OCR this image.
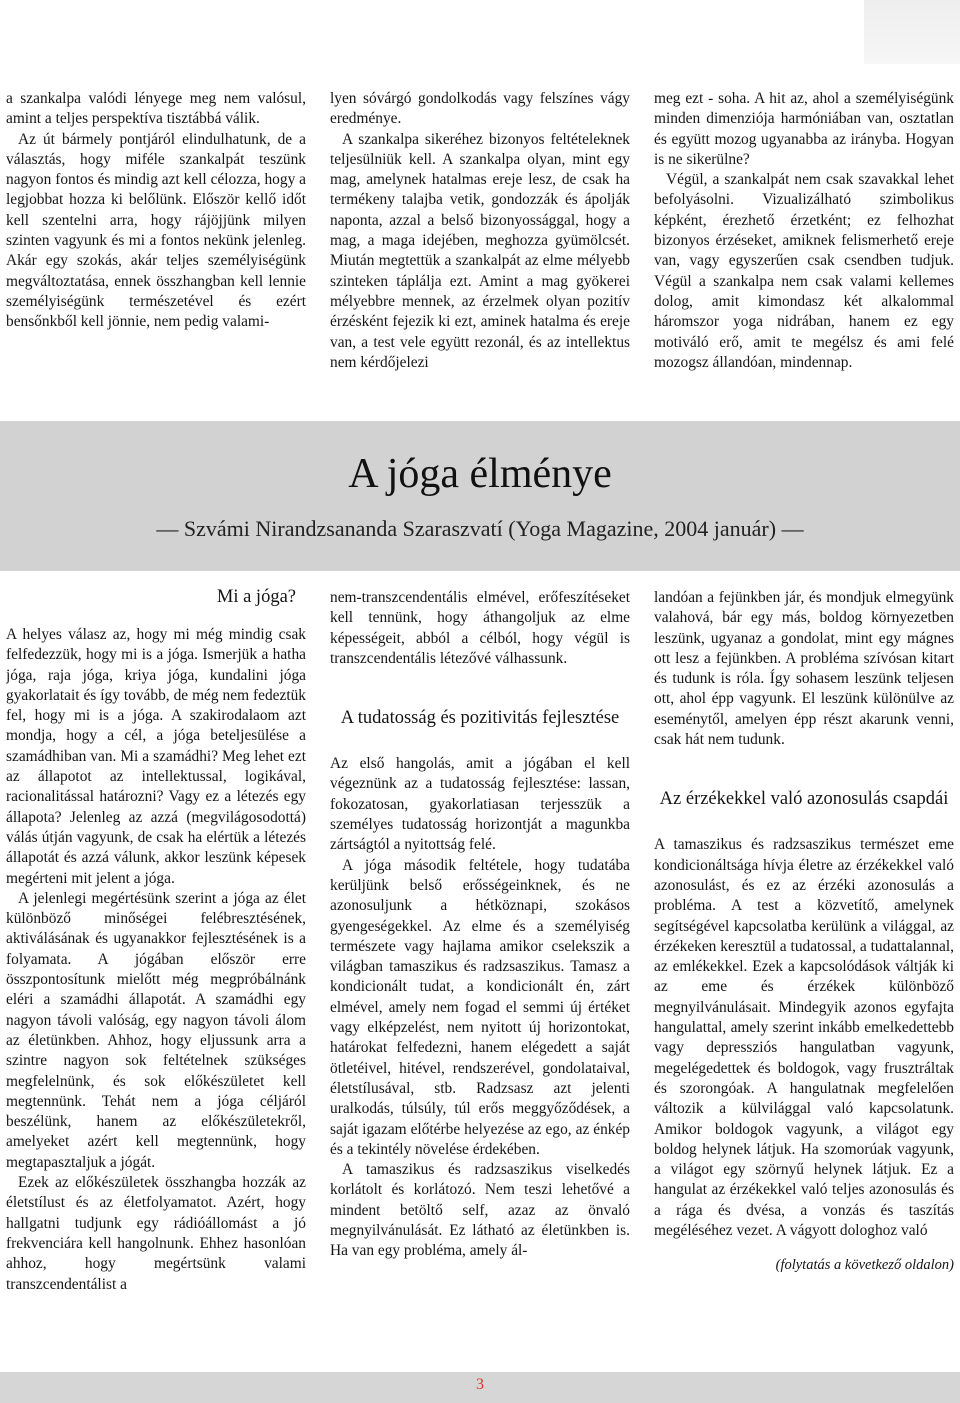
a szankalpa valódi lényege meg nem valósul, amint a teljes perspektíva tisztábbá válik.

Az út bármely pontjáról elindulhatunk, de a választás, hogy miféle szankalpát teszünk nagyon fontos és mindig azt kell célozza, hogy a legjobbat hozza ki belőlünk. Először kellő időt kell szentelni arra, hogy rájöjjünk milyen szinten vagyunk és mi a fontos nekünk jelenleg. Akár egy szokás, akár teljes személyiségünk megváltoztatása, ennek összhangban kell lennie személyiségünk természetével és ezért bensőnkből kell jönnie, nem pedig valami-

lyen sóvárgó gondolkodás vagy felszínes vágy eredménye.

A szankalpa sikeréhez bizonyos feltételeknek teljesülniük kell. A szankalpa olyan, mint egy mag, amelynek hatalmas ereje lesz, de csak ha termékeny talajba vetik, gondozzák és ápolják naponta, azzal a belső bizonyossággal, hogy a mag, a maga idejében, meghozza gyümölcsét. Miután megtettük a szankalpát az elme mélyebb szinteken táplálja ezt. Amint a mag gyökerei mélyebbre mennek, az érzelmek olyan pozitív érzésként fejezik ki ezt, aminek hatalma és ereje van, a test vele együtt rezonál, és az intellektus nem kérdőjelezi

meg ezt - soha. A hit az, ahol a személyiségünk minden dimenziója harmóniában van, osztatlan és együtt mozog ugyanabba az irányba. Hogyan is ne sikerülne?

Végül, a szankalpát nem csak szavakkal lehet befolyásolni. Vizualizálható szimbolikus képként, érezhető érzetként; ez felhozhat bizonyos érzéseket, amiknek felismerhető ereje van, vagy egyszerűen csak csendben tudjuk. Végül a szankalpa nem csak valami kellemes dolog, amit kimondasz két alkalommal háromszor yoga nidrában, hanem ez egy motiváló erő, amit te megélsz és ami felé mozogsz állandóan, mindennap.

A jóga élménye
— Szvámi Nirandzsananda Szaraszvatí (Yoga Magazine, 2004 január) —
Mi a jóga?

A helyes válasz az, hogy mi még mindig csak felfedezzük, hogy mi is a jóga. Ismerjük a hatha jóga, raja jóga, kriya jóga, kundalini jóga gyakorlatait és így tovább, de még nem fedeztük fel, hogy mi is a jóga. A szakirodalaom azt mondja, hogy a cél, a jóga beteljesülése a szamádhiban van. Mi a szamádhi? Meg lehet ezt az állapotot az intellektussal, logikával, racionalitással határozni? Vagy ez a létezés egy állapota? Jelenleg az azzá (megvilágosodottá) válás útján vagyunk, de csak ha elértük a létezés állapotát és azzá válunk, akkor leszünk képesek megérteni mit jelent a jóga.

A jelenlegi megértésünk szerint a jóga az élet különböző minőségei felébresztésének, aktiválásának és ugyanakkor fejlesztésének is a folyamata. A jógában először erre összpontosítunk mielőtt még megpróbálnánk eléri a szamádhi állapotát. A szamádhi egy nagyon távoli valóság, egy nagyon távoli álom az életünkben. Ahhoz, hogy eljussunk arra a szintre nagyon sok feltételnek szükséges megfelelnünk, és sok előkészületet kell megtennünk. Tehát nem a jóga céljáról beszélünk, hanem az előkészületekről, amelyeket azért kell megtennünk, hogy megtapasztaljuk a jógát.

Ezek az előkészületek összhangba hozzák az életstílust és az életfolyamatot. Azért, hogy hallgatni tudjunk egy rádióállomást a jó frekvenciára kell hangolnunk. Ehhez hasonlóan ahhoz, hogy megértsünk valami transzcendentálist a

nem-transzcendentális elmével, erőfeszítéseket kell tennünk, hogy áthangoljuk az elme képességeit, abból a célból, hogy végül is transzcendentális létezővé válhassunk.

A tudatosság és pozitivitás fejlesztése

Az első hangolás, amit a jógában el kell végeznünk az a tudatosság fejlesztése: lassan, fokozatosan, gyakorlatiasan terjesszük a személyes tudatosság horizontját a magunkba zártságtól a nyitottság felé.

A jóga második feltétele, hogy tudatába kerüljünk belső erősségeinknek, és ne azonosuljunk a hétköznapi, szokásos gyengeségekkel. Az elme és a személyiség természete vagy hajlama amikor cselekszik a világban tamaszikus és radzsaszikus. Tamasz a kondicionált tudat, a kondicionált én, zárt elmével, amely nem fogad el semmi új értéket vagy elképzelést, nem nyitott új horizontokat, határokat felfedezni, hanem elégedett a saját ötletéivel, hitével, rendszerével, gondolataival, életstílusával, stb. Radzsasz azt jelenti uralkodás, túlsúly, túl erős meggyőződések, a saját igazam előtérbe helyezése az ego, az énkép és a tekintély növelése érdekében.

A tamaszikus és radzsaszikus viselkedés korlátolt és korlátozó. Nem teszi lehetővé a mindent betöltő self, azaz az önvaló megnyilvánulását. Ez látható az életünkben is. Ha van egy probléma, amely ál-

landóan a fejünkben jár, és mondjuk elmegyünk valahová, bár egy más, boldog környezetben leszünk, ugyanaz a gondolat, mint egy mágnes ott lesz a fejünkben. A probléma szívósan kitart és tudunk is róla. Így sohasem leszünk teljesen ott, ahol épp vagyunk. El leszünk különülve az eseménytől, amelyen épp részt akarunk venni, csak hát nem tudunk.

Az érzékekkel való azonosulás csapdái

A tamaszikus és radzsaszikus természet eme kondicionáltsága hívja életre az érzékekkel való azonosulást, és ez az érzéki azonosulás a probléma. A test a közvetítő, amelynek segítségével kapcsolatba kerülünk a világgal, az érzékeken keresztül a tudatossal, a tudattalannal, az emlékekkel. Ezek a kapcsolódások váltják ki az eme és érzékek különböző megnyilvánulásait. Mindegyik azonos egyfajta hangulattal, amely szerint inkább emelkedettebb vagy depressziós hangulatban vagyunk, megelégedettek és boldogok, vagy frusztráltak és szorongóak. A hangulatnak megfelelően változik a külvilággal való kapcsolatunk. Amikor boldogok vagyunk, a világot egy boldog helynek látjuk. Ha szomorúak vagyunk, a világot egy szörnyű helynek látjuk. Ez a hangulat az érzékekkel való teljes azonosulás és a rága és dvésa, a vonzás és taszítás megéléséhez vezet. A vágyott dologhoz való

(folytatás a következő oldalon)
3
